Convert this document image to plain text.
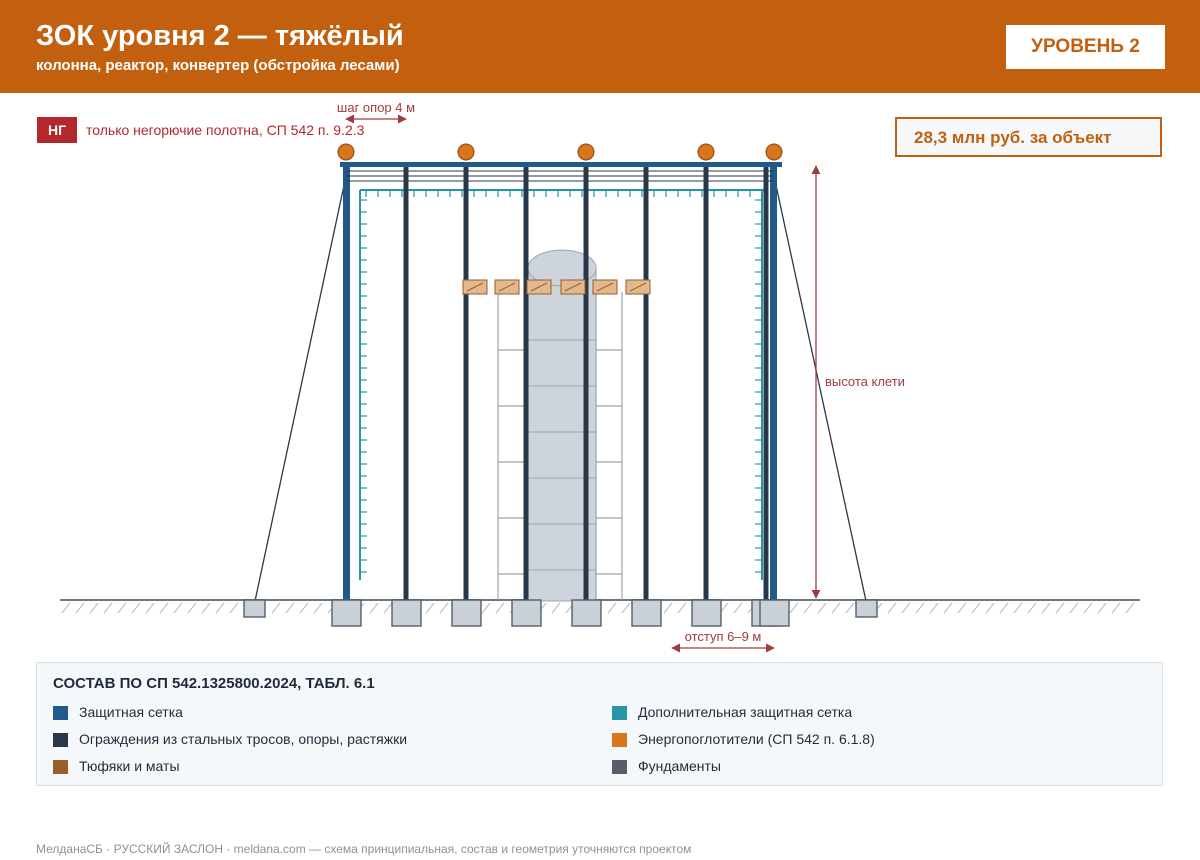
ЗОК уровня 2 — тяжёлый
колонна, реактор, конвертер (обстройка лесами)
УРОВЕНЬ 2
НГ	только негорючие полотна, СП 542 п. 9.2.3	28,3 млн руб. за объект
шаг опор 4 м
высота клети
отступ 6–9 м
СОСТАВ ПО СП 542.1325800.2024, ТАБЛ. 6.1
Защитная сетка	Дополнительная защитная сетка
Ограждения из стальных тросов, опоры, растяжки	Энергопоглотители (СП 542 п. 6.1.8)
Тюфяки и маты	Фундаменты
МелданаСБ · РУССКИЙ ЗАСЛОН · meldana.com — схема принципиальная, состав и геометрия уточняются проектом
